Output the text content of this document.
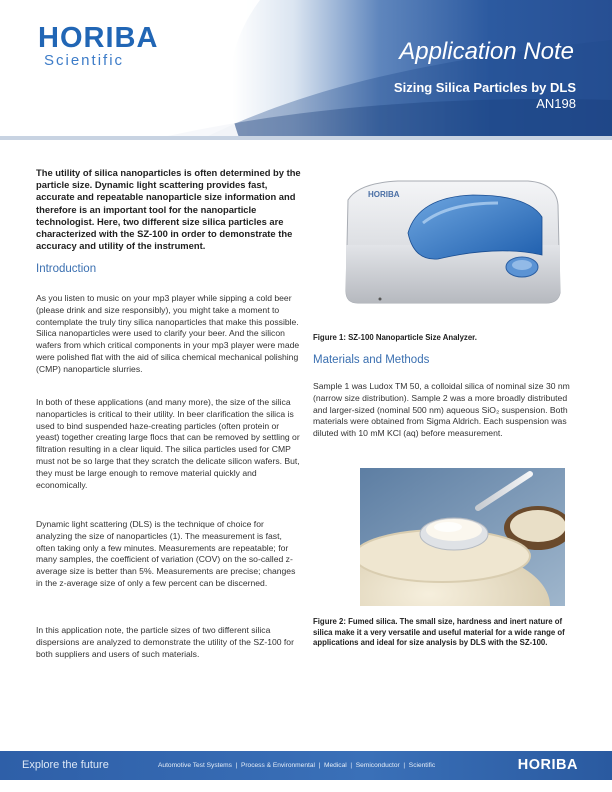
HORIBA
Scientific	Application Note
Sizing Silica Particles by DLS
AN198
The utility of silica nanoparticles is often determined by the particle size. Dynamic light scattering provides fast, accurate and repeatable nanoparticle size information and therefore is an important tool for the nanoparticle technologist. Here, two different size silica particles are characterized with the SZ-100 in order to demonstrate the accuracy and utility of the instrument.
Introduction
As you listen to music on your mp3 player while sipping a cold beer (please drink and size responsibly), you might take a moment to contemplate the truly tiny silica nanoparticles that make this possible. Silica nanoparticles were used to clarify your beer. And the silicon wafers from which critical components in your mp3 player were made were polished flat with the aid of silica chemical mechanical polishing (CMP) nanoparticle slurries.
In both of these applications (and many more), the size of the silica nanoparticles is critical to their utility. In beer clarification the silica is used to bind suspended haze-creating particles (often protein or yeast) together creating large flocs that can be removed by settling or filtration resulting in a clear liquid. The silica particles used for CMP must not be so large that they scratch the delicate silicon wafers. But, they must be large enough to remove material quickly and economically.
Dynamic light scattering (DLS) is the technique of choice for analyzing the size of nanoparticles (1). The measurement is fast, often taking only a few minutes. Measurements are repeatable; for many samples, the coefficient of variation (COV) on the so-called z-average size is better than 5%. Measurements are precise; changes in the z-average size of only a few percent can be discerned.
In this application note, the particle sizes of two different silica dispersions are analyzed to demonstrate the utility of the SZ-100 for both suppliers and users of such materials.
HORIBA
Figure 1: SZ-100 Nanoparticle Size Analyzer.
Materials and Methods
Sample 1 was Ludox TM 50, a colloidal silica of nominal size 30 nm (narrow size distribution). Sample 2 was a more broadly distributed and larger-sized (nominal 500 nm) aqueous SiO₂ suspension. Both materials were obtained from Sigma Aldrich. Each suspension was diluted with 10 mM KCl (aq) before measurement.
Figure 2: Fumed silica. The small size, hardness and inert nature of silica make it a very versatile and useful material for a wide range of applications and ideal for size analysis by DLS with the SZ-100.
Explore the future	Automotive Test Systems  |  Process & Environmental  |  Medical  |  Semiconductor  |  Scientific	HORIBA
